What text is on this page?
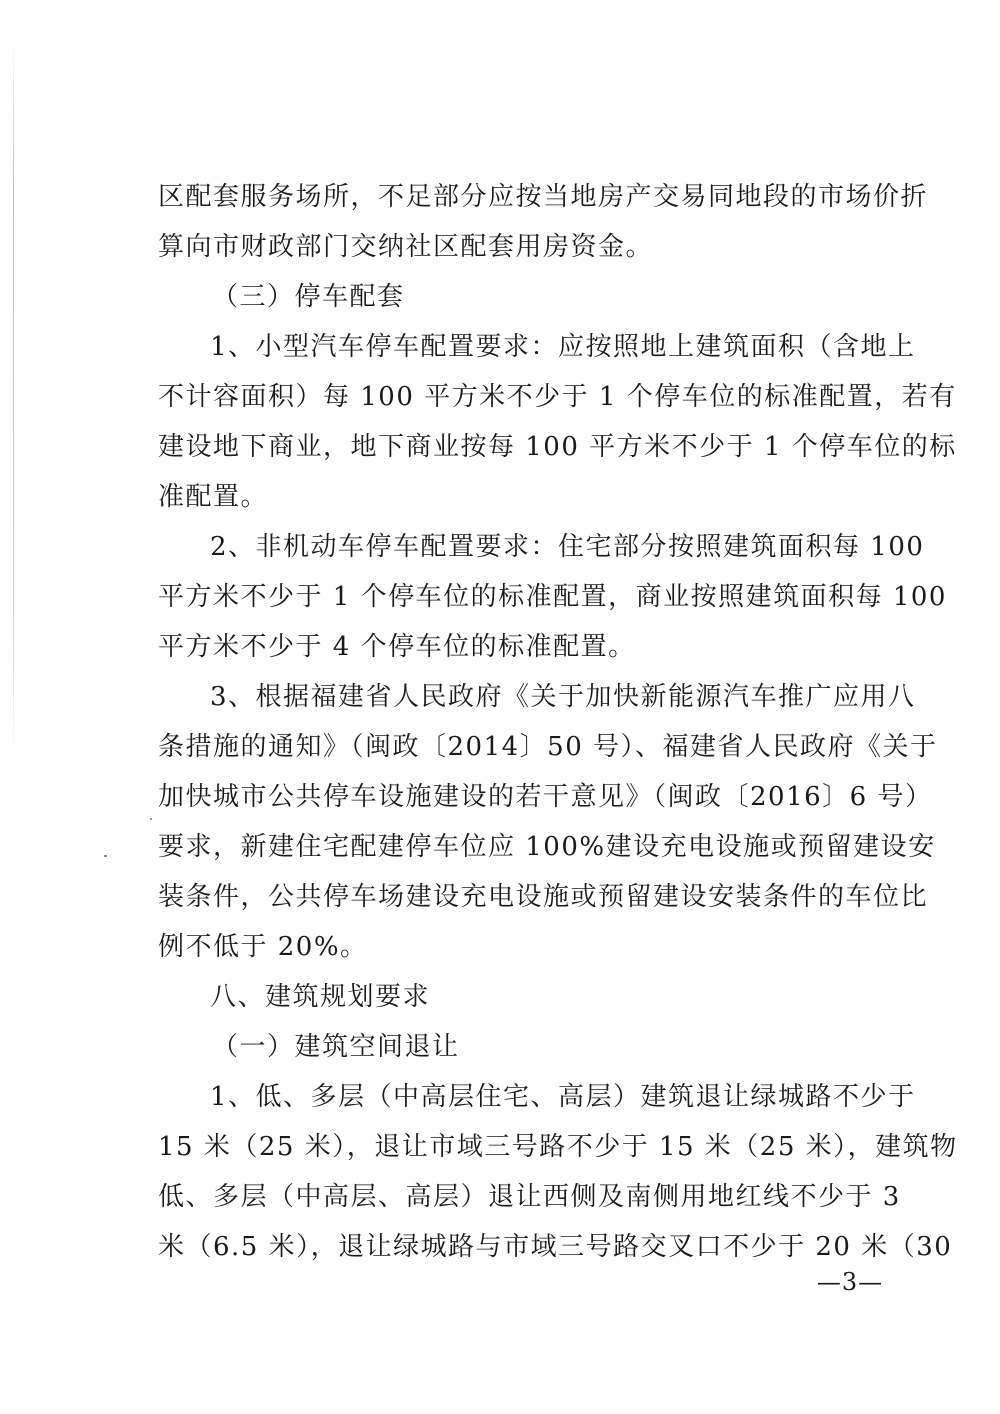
区配套服务场所，不足部分应按当地房产交易同地段的市场价折
算向市财政部门交纳社区配套用房资金。
（三）停车配套
1、小型汽车停车配置要求：应按照地上建筑面积（含地上
不计容面积）每 100 平方米不少于 1 个停车位的标准配置，若有
建设地下商业，地下商业按每 100 平方米不少于 1 个停车位的标
准配置。
2、非机动车停车配置要求：住宅部分按照建筑面积每 100
平方米不少于 1 个停车位的标准配置，商业按照建筑面积每 100
平方米不少于 4 个停车位的标准配置。
3、根据福建省人民政府《关于加快新能源汽车推广应用八
条措施的通知》（闽政〔2014〕50 号）、福建省人民政府《关于
加快城市公共停车设施建设的若干意见》（闽政〔2016〕6 号）
要求，新建住宅配建停车位应 100%建设充电设施或预留建设安
装条件，公共停车场建设充电设施或预留建设安装条件的车位比
例不低于 20%。
八、建筑规划要求
（一）建筑空间退让
1、低、多层（中高层住宅、高层）建筑退让绿城路不少于
15 米（25 米），退让市域三号路不少于 15 米（25 米），建筑物
低、多层（中高层、高层）退让西侧及南侧用地红线不少于 3
米（6.5 米），退让绿城路与市域三号路交叉口不少于 20 米（30
—3—
